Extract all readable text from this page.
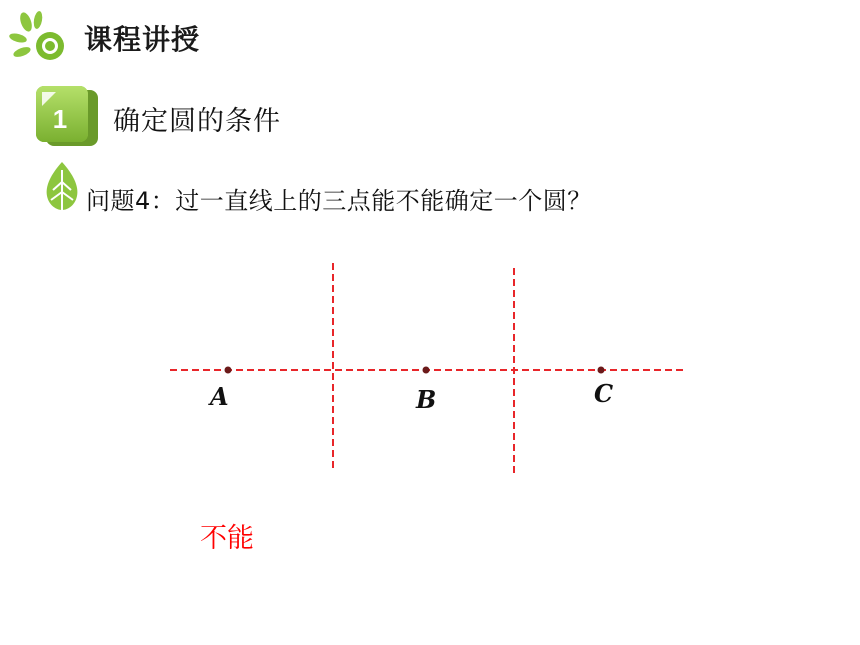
课程讲授
1 确定圆的条件
问题4：过一直线上的三点能不能确定一个圆？
A	B	C
不能
